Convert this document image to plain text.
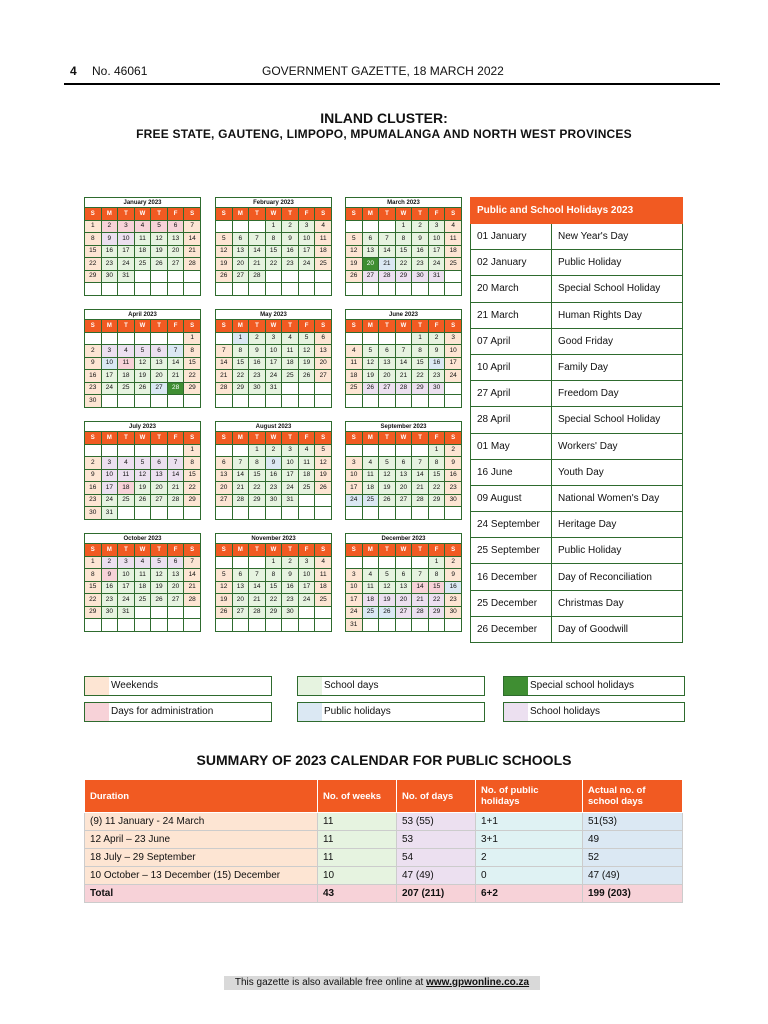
4 No. 46061	GOVERNMENT GAZETTE, 18 MARCH 2022
INLAND CLUSTER:
FREE STATE, GAUTENG, LIMPOPO, MPUMALANGA AND NORTH WEST PROVINCES
January 2023
S	M	T	W	T	F	S
1	2	3	4	5	6	7
8	9	10	11	12	13	14
15	16	17	18	19	20	21
22	23	24	25	26	27	28
29	30	31				

February 2023
S	M	T	W	T	F	S
			1	2	3	4
5	6	7	8	9	10	11
12	13	14	15	16	17	18
19	20	21	22	23	24	25
26	27	28				

March 2023
S	M	T	W	T	F	S
			1	2	3	4
5	6	7	8	9	10	11
12	13	14	15	16	17	18
19	20	21	22	23	24	25
26	27	28	29	30	31	

April 2023
S	M	T	W	T	F	S
						1
2	3	4	5	6	7	8
9	10	11	12	13	14	15
16	17	18	19	20	21	22
23	24	25	26	27	28	29
30						
May 2023
S	M	T	W	T	F	S
	1	2	3	4	5	6
7	8	9	10	11	12	13
14	15	16	17	18	19	20
21	22	23	24	25	26	27
28	29	30	31			

June 2023
S	M	T	W	T	F	S
				1	2	3
4	5	6	7	8	9	10
11	12	13	14	15	16	17
18	19	20	21	22	23	24
25	26	27	28	29	30	

July 2023
S	M	T	W	T	F	S
						1
2	3	4	5	6	7	8
9	10	11	12	13	14	15
16	17	18	19	20	21	22
23	24	25	26	27	28	29
30	31					
August 2023
S	M	T	W	T	F	S
		1	2	3	4	5
6	7	8	9	10	11	12
13	14	15	16	17	18	19
20	21	22	23	24	25	26
27	28	29	30	31		

September 2023
S	M	T	W	T	F	S
					1	2
3	4	5	6	7	8	9
10	11	12	13	14	15	16
17	18	19	20	21	22	23
24	25	26	27	28	29	30

October 2023
S	M	T	W	T	F	S
1	2	3	4	5	6	7
8	9	10	11	12	13	14
15	16	17	18	19	20	21
22	23	24	25	26	27	28
29	30	31				

November 2023
S	M	T	W	T	F	S
			1	2	3	4
5	6	7	8	9	10	11
12	13	14	15	16	17	18
19	20	21	22	23	24	25
26	27	28	29	30		

December 2023
S	M	T	W	T	F	S
					1	2
3	4	5	6	7	8	9
10	11	12	13	14	15	16
17	18	19	20	21	22	23
24	25	26	27	28	29	30
31						
Public and School Holidays 2023	
01 January	New Year's Day
02 January	Public Holiday
20 March	Special School Holiday
21 March	Human Rights Day
07 April	Good Friday
10 April	Family Day
27 April	Freedom Day
28 April	Special School Holiday
01 May	Workers' Day
16 June	Youth Day
09 August	National Women's Day
24 September	Heritage Day
25 September	Public Holiday
16 December	Day of Reconciliation
25 December	Christmas Day
26 December	Day of Goodwill
Weekends	School days	Special school holidays
Days for administration	Public holidays	School holidays
SUMMARY OF 2023 CALENDAR FOR PUBLIC SCHOOLS
Duration	No. of weeks	No. of days	No. of public holidays	Actual no. of school days
(9) 11 January - 24 March	11	53 (55)	1+1	51(53)
12 April – 23 June	11	53	3+1	49
18 July – 29 September	11	54	2	52
10 October – 13 December (15) December	10	47 (49)	0	47 (49)
Total	43	207 (211)	6+2	199 (203)
This gazette is also available free online at www.gpwonline.co.za
